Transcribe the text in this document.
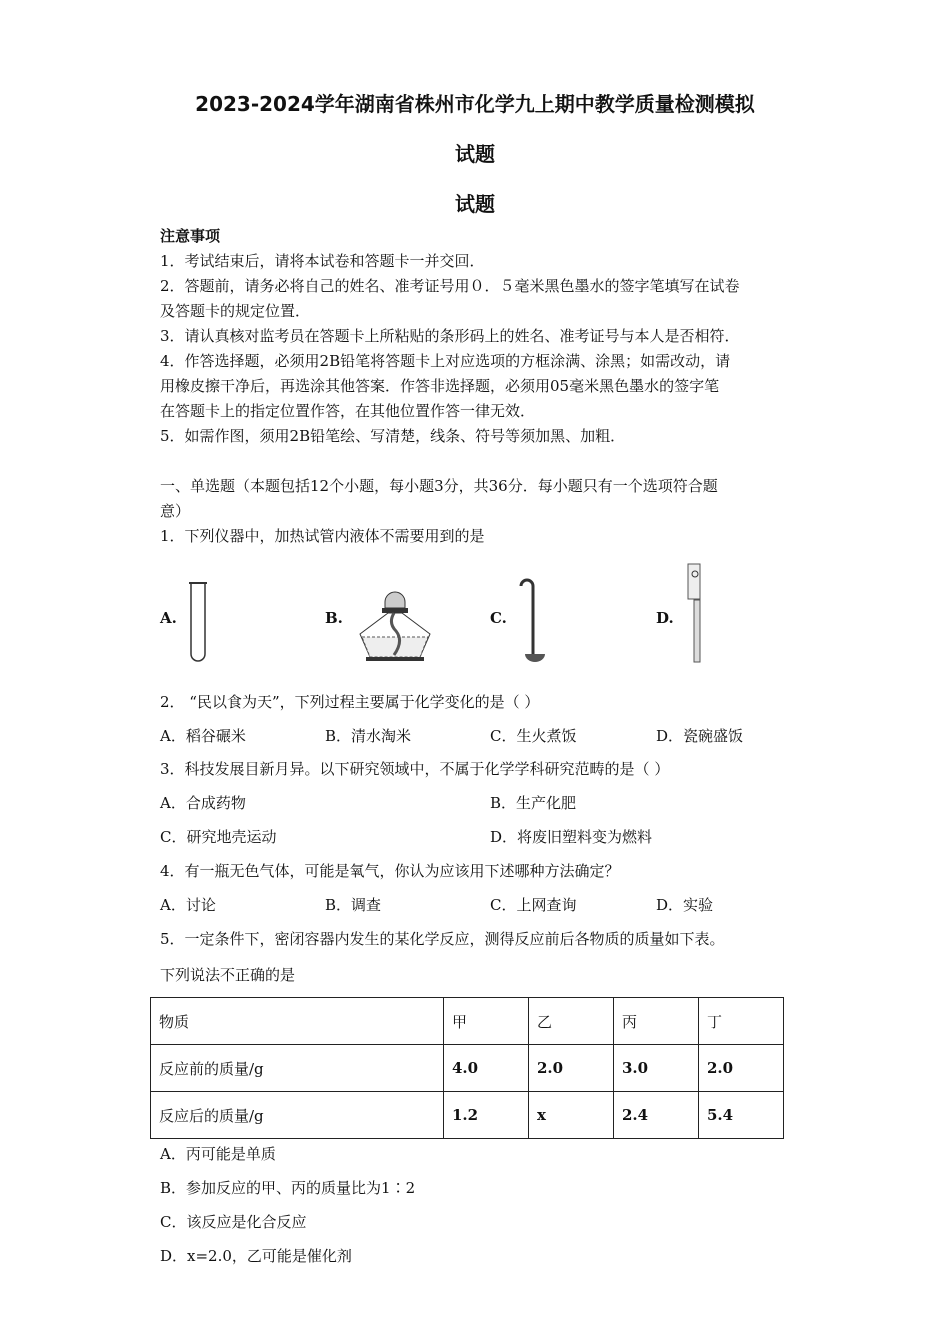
2023-2024学年湖南省株州市化学九上期中教学质量检测模拟
试题
试题
注意事项
1．考试结束后，请将本试卷和答题卡一并交回．
2．答题前，请务必将自己的姓名、准考证号用０．５毫米黑色墨水的签字笔填写在试卷
及答题卡的规定位置．
3．请认真核对监考员在答题卡上所粘贴的条形码上的姓名、准考证号与本人是否相符．
4．作答选择题，必须用2B铅笔将答题卡上对应选项的方框涂满、涂黑；如需改动，请
用橡皮擦干净后，再选涂其他答案．作答非选择题，必须用05毫米黑色墨水的签字笔
在答题卡上的指定位置作答，在其他位置作答一律无效．
5．如需作图，须用2B铅笔绘、写清楚，线条、符号等须加黑、加粗．
一、单选题（本题包括12个小题，每小题3分，共36分．每小题只有一个选项符合题
意）
1．下列仪器中，加热试管内液体不需要用到的是
A.	B.	C.	D.
2． “民以食为天”，下列过程主要属于化学变化的是（ ）
A．稻谷碾米	B．清水淘米	C．生火煮饭	D．瓷碗盛饭
3．科技发展目新月异。以下研究领域中，不属于化学学科研究范畴的是（ ）
A．合成药物	B．生产化肥
C．研究地壳运动	D．将废旧塑料变为燃料
4．有一瓶无色气体，可能是氧气，你认为应该用下述哪种方法确定？
A．讨论	B．调查	C．上网查询	D．实验
5．一定条件下，密闭容器内发生的某化学反应，测得反应前后各物质的质量如下表。
下列说法不正确的是
物质	甲	乙	丙	丁
反应前的质量/g	4.0	2.0	3.0	2.0
反应后的质量/g	1.2	x	2.4	5.4
A．丙可能是单质
B．参加反应的甲、丙的质量比为1∶2
C．该反应是化合反应
D．x=2.0，乙可能是催化剂
